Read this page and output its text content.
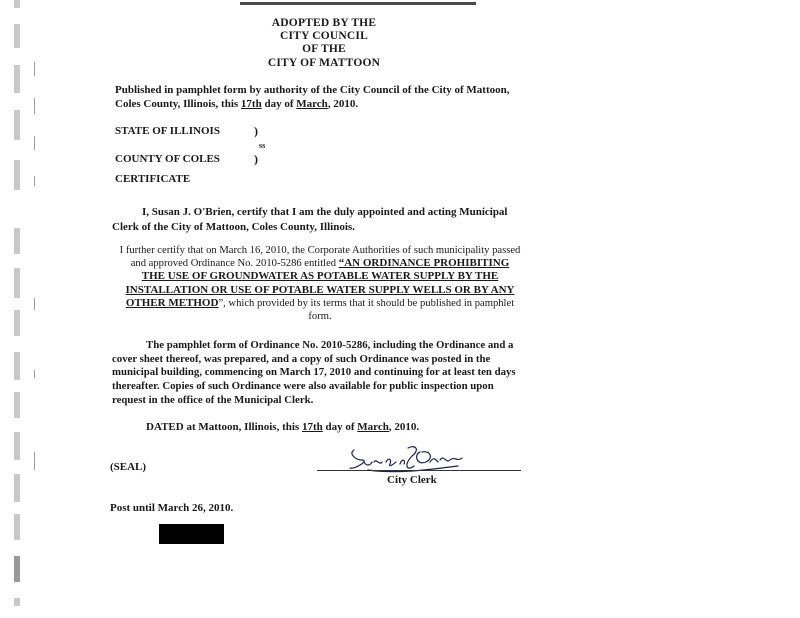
ADOPTED BY THE
CITY COUNCIL
OF THE
CITY OF MATTOON
Published in pamphlet form by authority of the City Council of the City of Mattoon,
Coles County, Illinois, this 17th day of March, 2010.
STATE OF ILLINOIS	)
ss
COUNTY OF COLES	)
CERTIFICATE
I, Susan J. O'Brien, certify that I am the duly appointed and acting Municipal Clerk of the City of Mattoon, Coles County, Illinois.
I further certify that on March 16, 2010, the Corporate Authorities of such municipality passed and approved Ordinance No. 2010-5286 entitled “AN ORDINANCE PROHIBITING THE USE OF GROUNDWATER AS POTABLE WATER SUPPLY BY THE INSTALLATION OR USE OF POTABLE WATER SUPPLY WELLS OR BY ANY OTHER METHOD”, which provided by its terms that it should be published in pamphlet form.
The pamphlet form of Ordinance No. 2010-5286, including the Ordinance and a cover sheet thereof, was prepared, and a copy of such Ordinance was posted in the municipal building, commencing on March 17, 2010 and continuing for at least ten days thereafter. Copies of such Ordinance were also available for public inspection upon request in the office of the Municipal Clerk.
DATED at Mattoon, Illinois, this 17th day of March, 2010.
(SEAL)
City Clerk
Post until March 26, 2010.
